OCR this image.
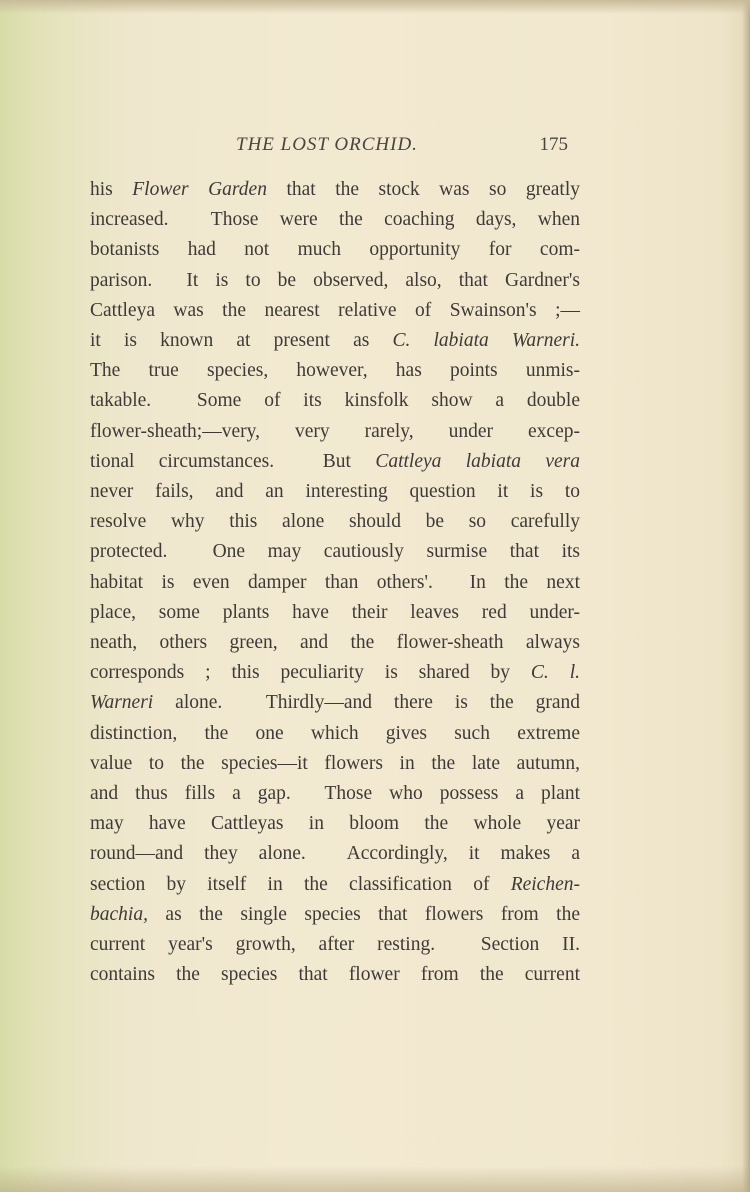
THE LOST ORCHID.	175
his Flower Garden that the stock was so greatly
increased.  Those were the coaching days, when
botanists had not much opportunity for com-
parison.  It is to be observed, also, that Gardner's
Cattleya was the nearest relative of Swainson's ;—
it is known at present as C. labiata Warneri.
The true species, however, has points unmis-
takable.  Some of its kinsfolk show a double
flower-sheath;—very, very rarely, under excep-
tional circumstances.  But Cattleya labiata vera
never fails, and an interesting question it is to
resolve why this alone should be so carefully
protected.  One may cautiously surmise that its
habitat is even damper than others'.  In the next
place, some plants have their leaves red under-
neath, others green, and the flower-sheath always
corresponds ; this peculiarity is shared by C. l.
Warneri alone.  Thirdly—and there is the grand
distinction, the one which gives such extreme
value to the species—it flowers in the late autumn,
and thus fills a gap.  Those who possess a plant
may have Cattleyas in bloom the whole year
round—and they alone.  Accordingly, it makes a
section by itself in the classification of Reichen-
bachia, as the single species that flowers from the
current year's growth, after resting.  Section II.
contains the species that flower from the current
